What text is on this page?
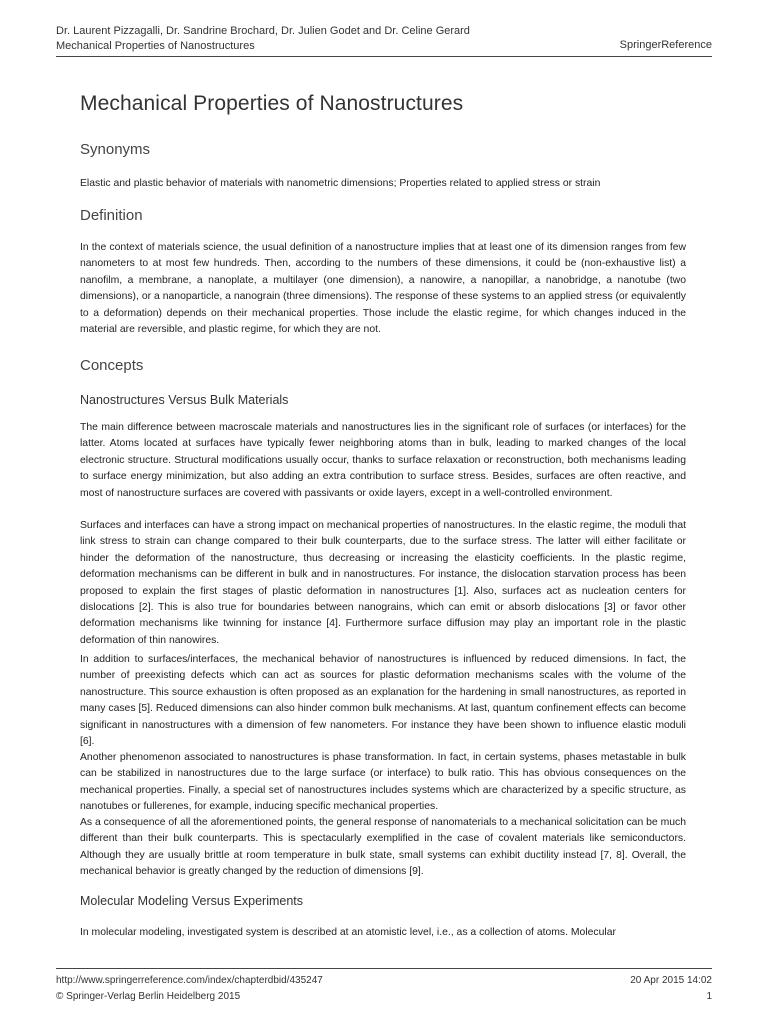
Dr. Laurent Pizzagalli, Dr. Sandrine Brochard, Dr. Julien Godet and Dr. Celine Gerard
Mechanical Properties of Nanostructures	SpringerReference
Mechanical Properties of Nanostructures
Synonyms

Elastic and plastic behavior of materials with nanometric dimensions; Properties related to applied stress or strain

Definition

In the context of materials science, the usual definition of a nanostructure implies that at least one of its dimension ranges from few nanometers to at most few hundreds. Then, according to the numbers of these dimensions, it could be (non-exhaustive list) a nanofilm, a membrane, a nanoplate, a multilayer (one dimension), a nanowire, a nanopillar, a nanobridge, a nanotube (two dimensions), or a nanoparticle, a nanograin (three dimensions). The response of these systems to an applied stress (or equivalently to a deformation) depends on their mechanical properties. Those include the elastic regime, for which changes induced in the material are reversible, and plastic regime, for which they are not.

Concepts
Nanostructures Versus Bulk Materials

The main difference between macroscale materials and nanostructures lies in the significant role of surfaces (or interfaces) for the latter. Atoms located at surfaces have typically fewer neighboring atoms than in bulk, leading to marked changes of the local electronic structure. Structural modifications usually occur, thanks to surface relaxation or reconstruction, both mechanisms leading to surface energy minimization, but also adding an extra contribution to surface stress. Besides, surfaces are often reactive, and most of nanostructure surfaces are covered with passivants or oxide layers, except in a well-controlled environment.

Surfaces and interfaces can have a strong impact on mechanical properties of nanostructures. In the elastic regime, the moduli that link stress to strain can change compared to their bulk counterparts, due to the surface stress. The latter will either facilitate or hinder the deformation of the nanostructure, thus decreasing or increasing the elasticity coefficients. In the plastic regime, deformation mechanisms can be different in bulk and in nanostructures. For instance, the dislocation starvation process has been proposed to explain the first stages of plastic deformation in nanostructures [1]. Also, surfaces act as nucleation centers for dislocations [2]. This is also true for boundaries between nanograins, which can emit or absorb dislocations [3] or favor other deformation mechanisms like twinning for instance [4]. Furthermore surface diffusion may play an important role in the plastic deformation of thin nanowires.

In addition to surfaces/interfaces, the mechanical behavior of nanostructures is influenced by reduced dimensions. In fact, the number of preexisting defects which can act as sources for plastic deformation mechanisms scales with the volume of the nanostructure. This source exhaustion is often proposed as an explanation for the hardening in small nanostructures, as reported in many cases [5]. Reduced dimensions can also hinder common bulk mechanisms. At last, quantum confinement effects can become significant in nanostructures with a dimension of few nanometers. For instance they have been shown to influence elastic moduli [6].

Another phenomenon associated to nanostructures is phase transformation. In fact, in certain systems, phases metastable in bulk can be stabilized in nanostructures due to the large surface (or interface) to bulk ratio. This has obvious consequences on the mechanical properties. Finally, a special set of nanostructures includes systems which are characterized by a specific structure, as nanotubes or fullerenes, for example, inducing specific mechanical properties.

As a consequence of all the aforementioned points, the general response of nanomaterials to a mechanical solicitation can be much different than their bulk counterparts. This is spectacularly exemplified in the case of covalent materials like semiconductors. Although they are usually brittle at room temperature in bulk state, small systems can exhibit ductility instead [7, 8]. Overall, the mechanical behavior is greatly changed by the reduction of dimensions [9].

Molecular Modeling Versus Experiments

In molecular modeling, investigated system is described at an atomistic level, i.e., as a collection of atoms. Molecular

http://www.springerreference.com/index/chapterdbid/435247	20 Apr 2015 14:02
© Springer-Verlag Berlin Heidelberg 2015	1
